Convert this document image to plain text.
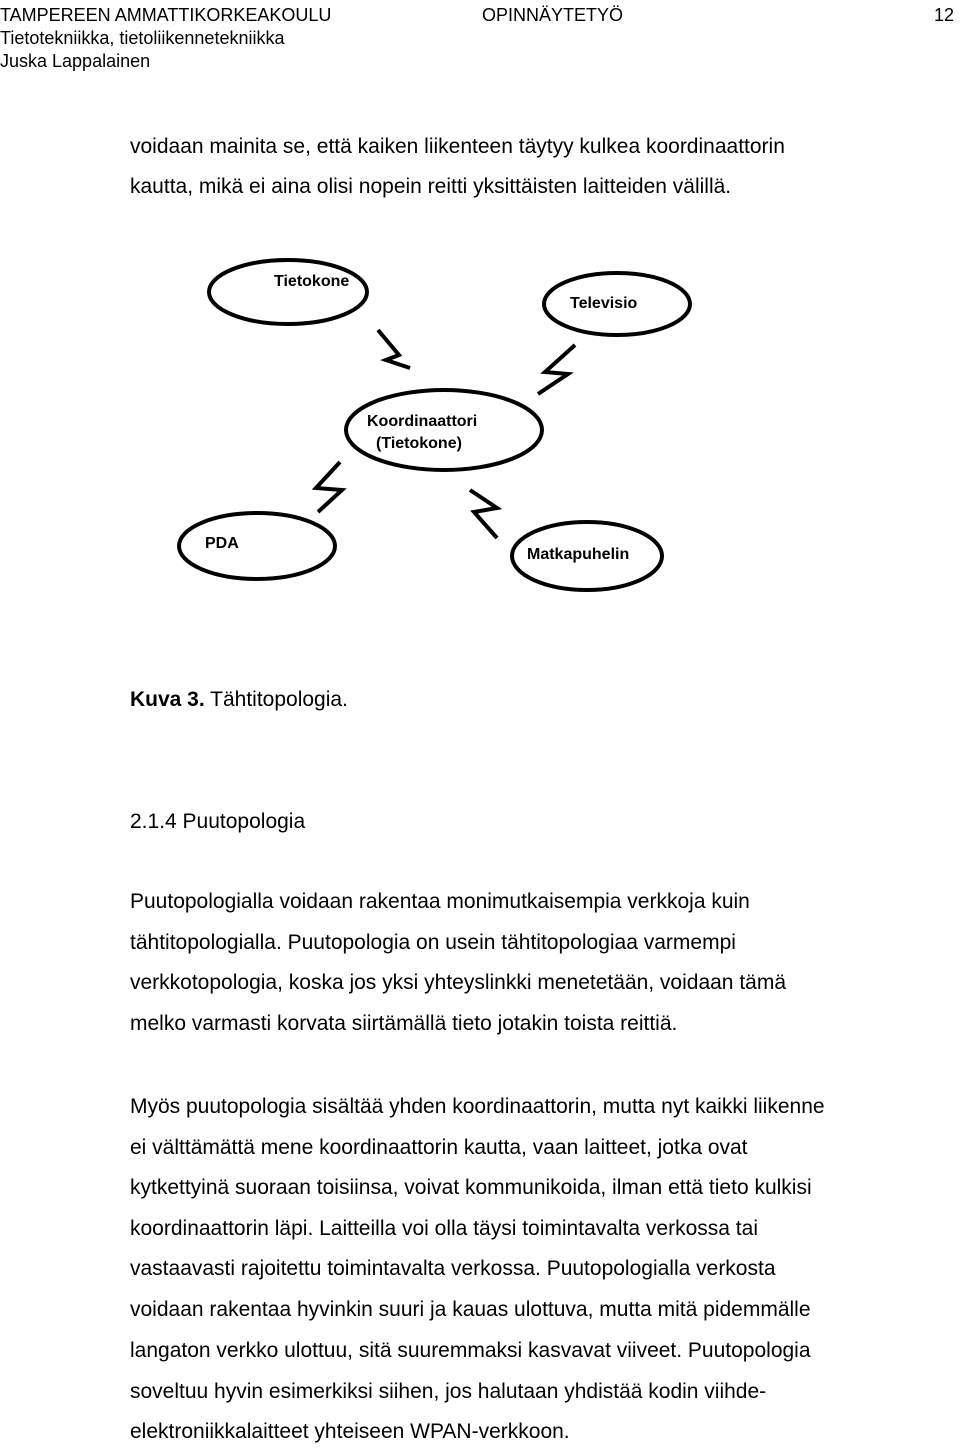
TAMPEREEN AMMATTIKORKEAKOULU	OPINNÄYTETYÖ	12
Tietotekniikka, tietoliikennetekniikka
Juska Lappalainen
voidaan mainita se, että kaiken liikenteen täytyy kulkea koordinaattorin
kautta, mikä ei aina olisi nopein reitti yksittäisten laitteiden välillä.
Tietokone
Televisio
Koordinaattori
(Tietokone)
PDA
Matkapuhelin
Kuva 3. Tähtitopologia.
2.1.4 Puutopologia
Puutopologialla voidaan rakentaa monimutkaisempia verkkoja kuin
tähtitopologialla. Puutopologia on usein tähtitopologiaa varmempi
verkkotopologia, koska jos yksi yhteyslinkki menetetään, voidaan tämä
melko varmasti korvata siirtämällä tieto jotakin toista reittiä.
Myös puutopologia sisältää yhden koordinaattorin, mutta nyt kaikki liikenne
ei välttämättä mene koordinaattorin kautta, vaan laitteet, jotka ovat
kytkettyinä suoraan toisiinsa, voivat kommunikoida, ilman että tieto kulkisi
koordinaattorin läpi. Laitteilla voi olla täysi toimintavalta verkossa tai
vastaavasti rajoitettu toimintavalta verkossa. Puutopologialla verkosta
voidaan rakentaa hyvinkin suuri ja kauas ulottuva, mutta mitä pidemmälle
langaton verkko ulottuu, sitä suuremmaksi kasvavat viiveet. Puutopologia
soveltuu hyvin esimerkiksi siihen, jos halutaan yhdistää kodin viihde-
elektroniikkalaitteet yhteiseen WPAN-verkkoon.
